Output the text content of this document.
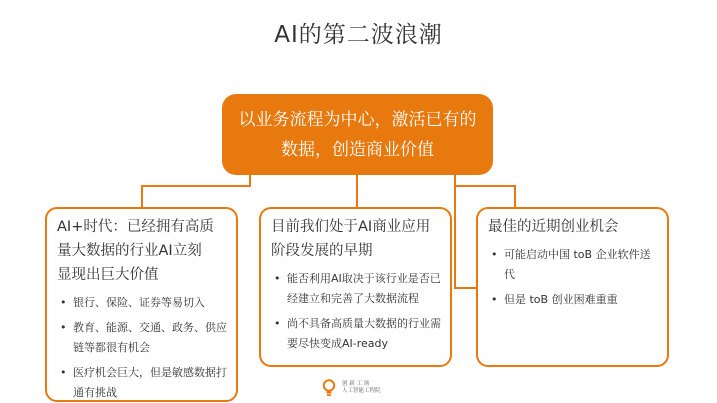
AI的第二波浪潮
以业务流程为中心，激活已有的
数据，创造商业价值
AI+时代：已经拥有高质
量大数据的行业AI立刻
显现出巨大价值
• 银行、保险、证券等易切入
• 教育、能源、交通、政务、供应链等都很有机会
• 医疗机会巨大，但是敏感数据打通有挑战
目前我们处于AI商业应用
阶段发展的早期
• 能否利用AI取决于该行业是否已经建立和完善了大数据流程
• 尚不具备高质量大数据的行业需要尽快变成AI-ready
最佳的近期创业机会
• 可能启动中国 toB 企业软件送代
• 但是 toB 创业困难重重
创 新 工 场
人工智能工程院
